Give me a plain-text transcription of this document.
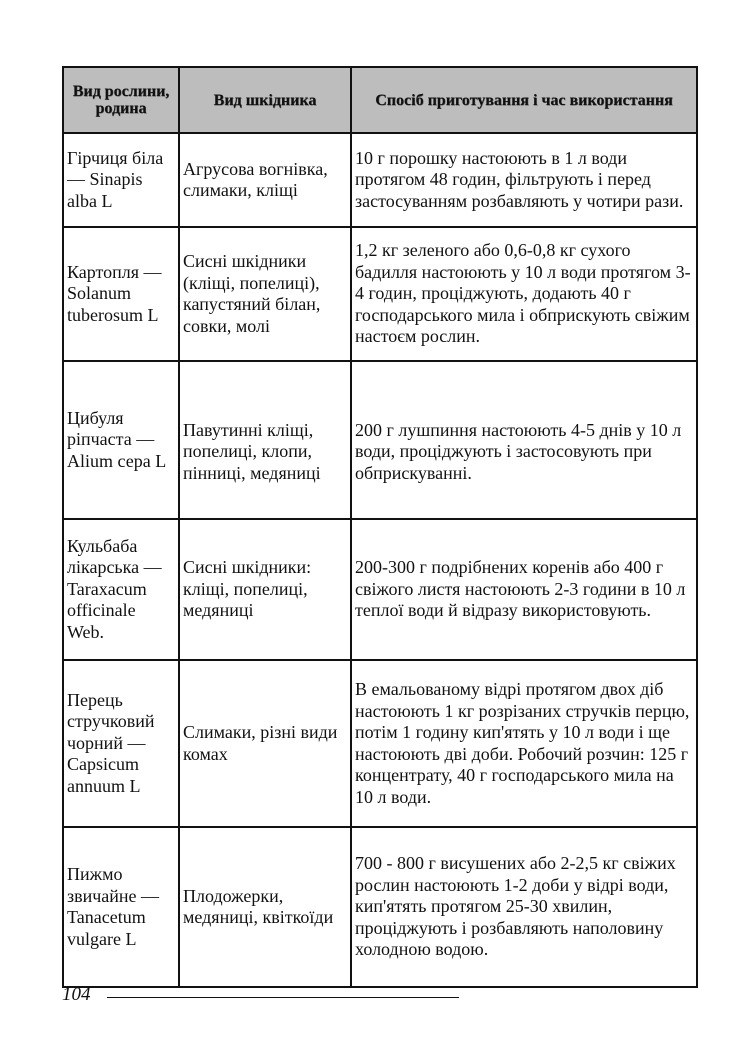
Вид рослини, родина	Вид шкідника	Спосіб приготування і час використання
Гірчиця біла — Sinapis alba L	Агрусова вогнівка, слимаки, кліщі	10 г порошку настоюють в 1 л води протягом 48 годин, фільтрують і перед застосуванням розбавляють у чотири рази.
Картопля — Solanum tuberosum L	Сисні шкідники (кліщі, попелиці), капустяний білан, совки, молі	1,2 кг зеленого або 0,6-0,8 кг сухого бадилля настоюють у 10 л води протягом 3-4 годин, проціджують, додають 40 г господарського мила і обприскують свіжим настоєм рослин.
Цибуля ріпчаста — Alium сера L	Павутинні кліщі, попелиці, клопи, пінниці, медяниці	200 г лушпиння настоюють 4-5 днів у 10 л води, проціджують і застосовують при обприскуванні.
Кульбаба лікарська — Taraxacum officinale Web.	Сисні шкідники: кліщі, попелиці, медяниці	200-300 г подрібнених коренів або 400 г свіжого листя настоюють 2-3 години в 10 л теплої води й відразу використовують.
Перець стручковий чорний — Capsicum annuum L	Слимаки, різні види комах	В емальованому відрі протягом двох діб настоюють 1 кг розрізаних стручків перцю, потім 1 годину кип'ятять у 10 л води і ще настоюють дві доби. Робочий розчин: 125 г концентрату, 40 г господарського мила на 10 л води.
Пижмо звичайне — Tanacetum vulgare L	Плодожерки, медяниці, квіткоїди	700 - 800 г висушених або 2-2,5 кг свіжих рослин настоюють 1-2 доби у відрі води, кип'ятять протягом 25-30 хвилин, проціджують і розбавляють наполовину холодною водою.
104
